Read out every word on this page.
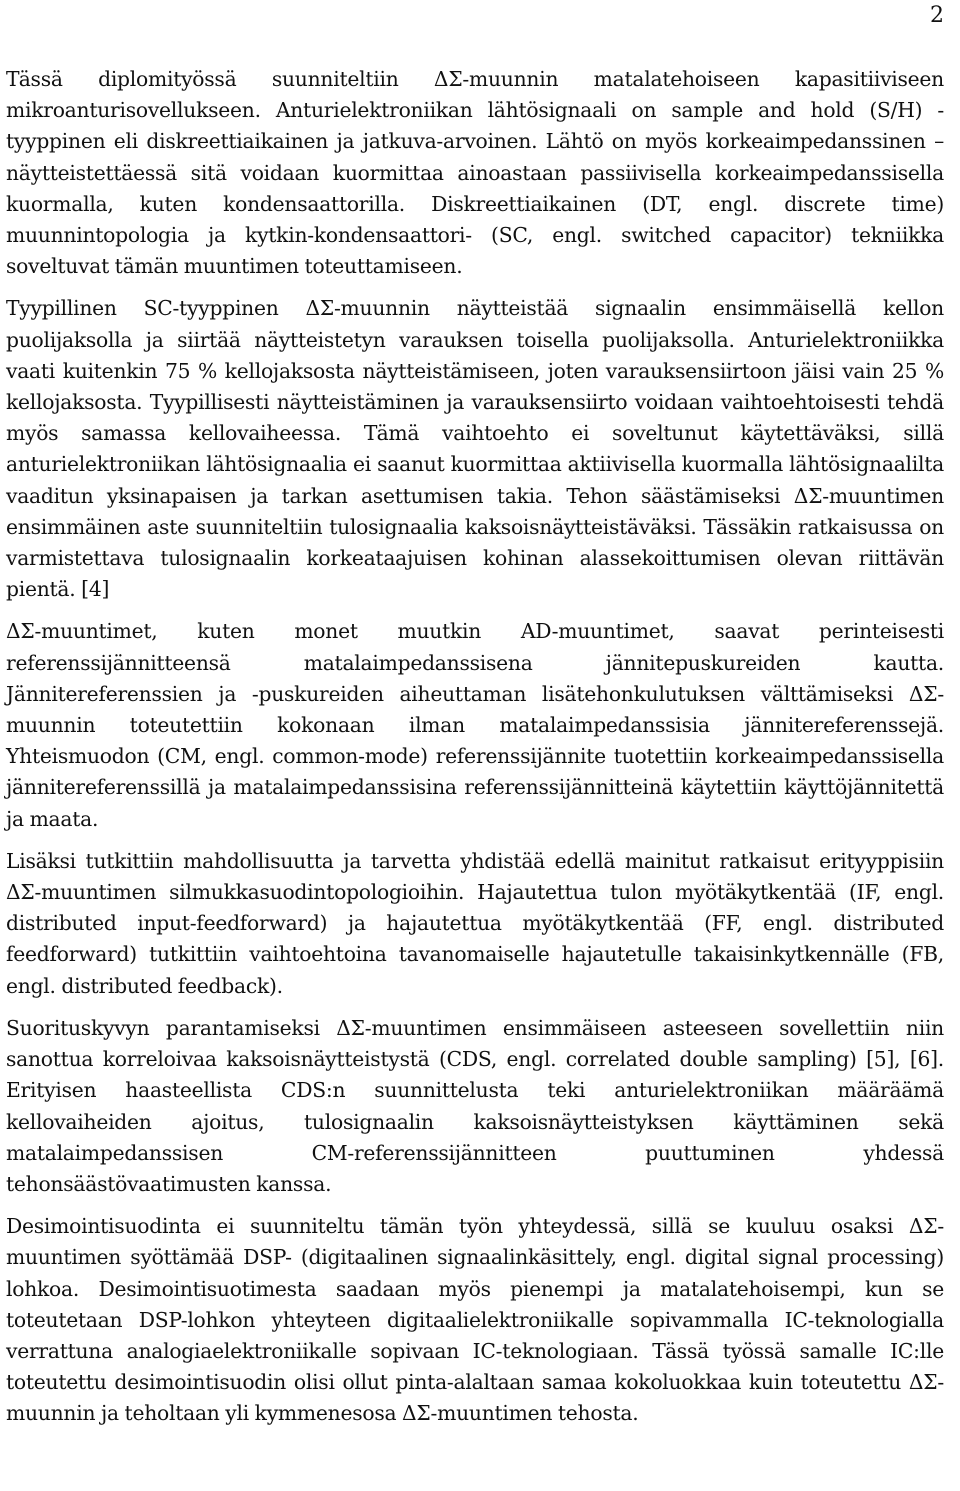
2

Tässä diplomityössä suunniteltiin ΔΣ-muunnin matalatehoiseen kapasitiiviseen mikroanturisovellukseen. Anturielektroniikan lähtösignaali on sample and hold (S/H) -tyyppinen eli diskreettiaikainen ja jatkuva-arvoinen. Lähtö on myös korkeaimpedanssinen – näytteistettäessä sitä voidaan kuormittaa ainoastaan passiivisella korkeaimpedanssisella kuormalla, kuten kondensaattorilla. Diskreettiaikainen (DT, engl. discrete time) muunnintopologia ja kytkin-kondensaattori- (SC, engl. switched capacitor) tekniikka soveltuvat tämän muuntimen toteuttamiseen.

Tyypillinen SC-tyyppinen ΔΣ-muunnin näytteistää signaalin ensimmäisellä kellon puolijaksolla ja siirtää näytteistetyn varauksen toisella puolijaksolla. Anturielektroniikka vaati kuitenkin 75 % kellojaksosta näytteistämiseen, joten varauksensiirtoon jäisi vain 25 % kellojaksosta. Tyypillisesti näytteistäminen ja varauksensiirto voidaan vaihtoehtoisesti tehdä myös samassa kellovaiheessa. Tämä vaihtoehto ei soveltunut käytettäväksi, sillä anturielektroniikan lähtösignaalia ei saanut kuormittaa aktiivisella kuormalla lähtösignaalilta vaaditun yksinapaisen ja tarkan asettumisen takia. Tehon säästämiseksi ΔΣ-muuntimen ensimmäinen aste suunniteltiin tulosignaalia kaksoisnäytteistäväksi. Tässäkin ratkaisussa on varmistettava tulosignaalin korkeataajuisen kohinan alassekoittumisen olevan riittävän pientä. [4]

ΔΣ-muuntimet, kuten monet muutkin AD-muuntimet, saavat perinteisesti referenssijännitteensä matalaimpedanssisena jännitepuskureiden kautta. Jännitereferenssien ja -puskureiden aiheuttaman lisätehonkulutuksen välttämiseksi ΔΣ-muunnin toteutettiin kokonaan ilman matalaimpedanssisia jännitereferenssejä. Yhteismuodon (CM, engl. common-mode) referenssijännite tuotettiin korkeaimpedanssisella jännitereferenssillä ja matalaimpedanssisina referenssijännitteinä käytettiin käyttöjännitettä ja maata.

Lisäksi tutkittiin mahdollisuutta ja tarvetta yhdistää edellä mainitut ratkaisut erityyppisiin ΔΣ-muuntimen silmukkasuodintopologioihin. Hajautettua tulon myötäkytkentää (IF, engl. distributed input-feedforward) ja hajautettua myötäkytkentää (FF, engl. distributed feedforward) tutkittiin vaihtoehtoina tavanomaiselle hajautetulle takaisinkytkennälle (FB, engl. distributed feedback).

Suorituskyvyn parantamiseksi ΔΣ-muuntimen ensimmäiseen asteeseen sovellettiin niin sanottua korreloivaa kaksoisnäytteistystä (CDS, engl. correlated double sampling) [5], [6]. Erityisen haasteellista CDS:n suunnittelusta teki anturielektroniikan määräämä kellovaiheiden ajoitus, tulosignaalin kaksoisnäytteistyksen käyttäminen sekä matalaimpedanssisen CM-referenssijännitteen puuttuminen yhdessä tehonsäästövaatimusten kanssa.

Desimointisuodinta ei suunniteltu tämän työn yhteydessä, sillä se kuuluu osaksi ΔΣ-muuntimen syöttämää DSP- (digitaalinen signaalinkäsittely, engl. digital signal processing) lohkoa. Desimointisuotimesta saadaan myös pienempi ja matalatehoisempi, kun se toteutetaan DSP-lohkon yhteyteen digitaalielektroniikalle sopivammalla IC-teknologialla verrattuna analogiaelektroniikalle sopivaan IC-teknologiaan. Tässä työssä samalle IC:lle toteutettu desimointisuodin olisi ollut pinta-alaltaan samaa kokoluokkaa kuin toteutettu ΔΣ-muunnin ja teholtaan yli kymmenesosa ΔΣ-muuntimen tehosta.
